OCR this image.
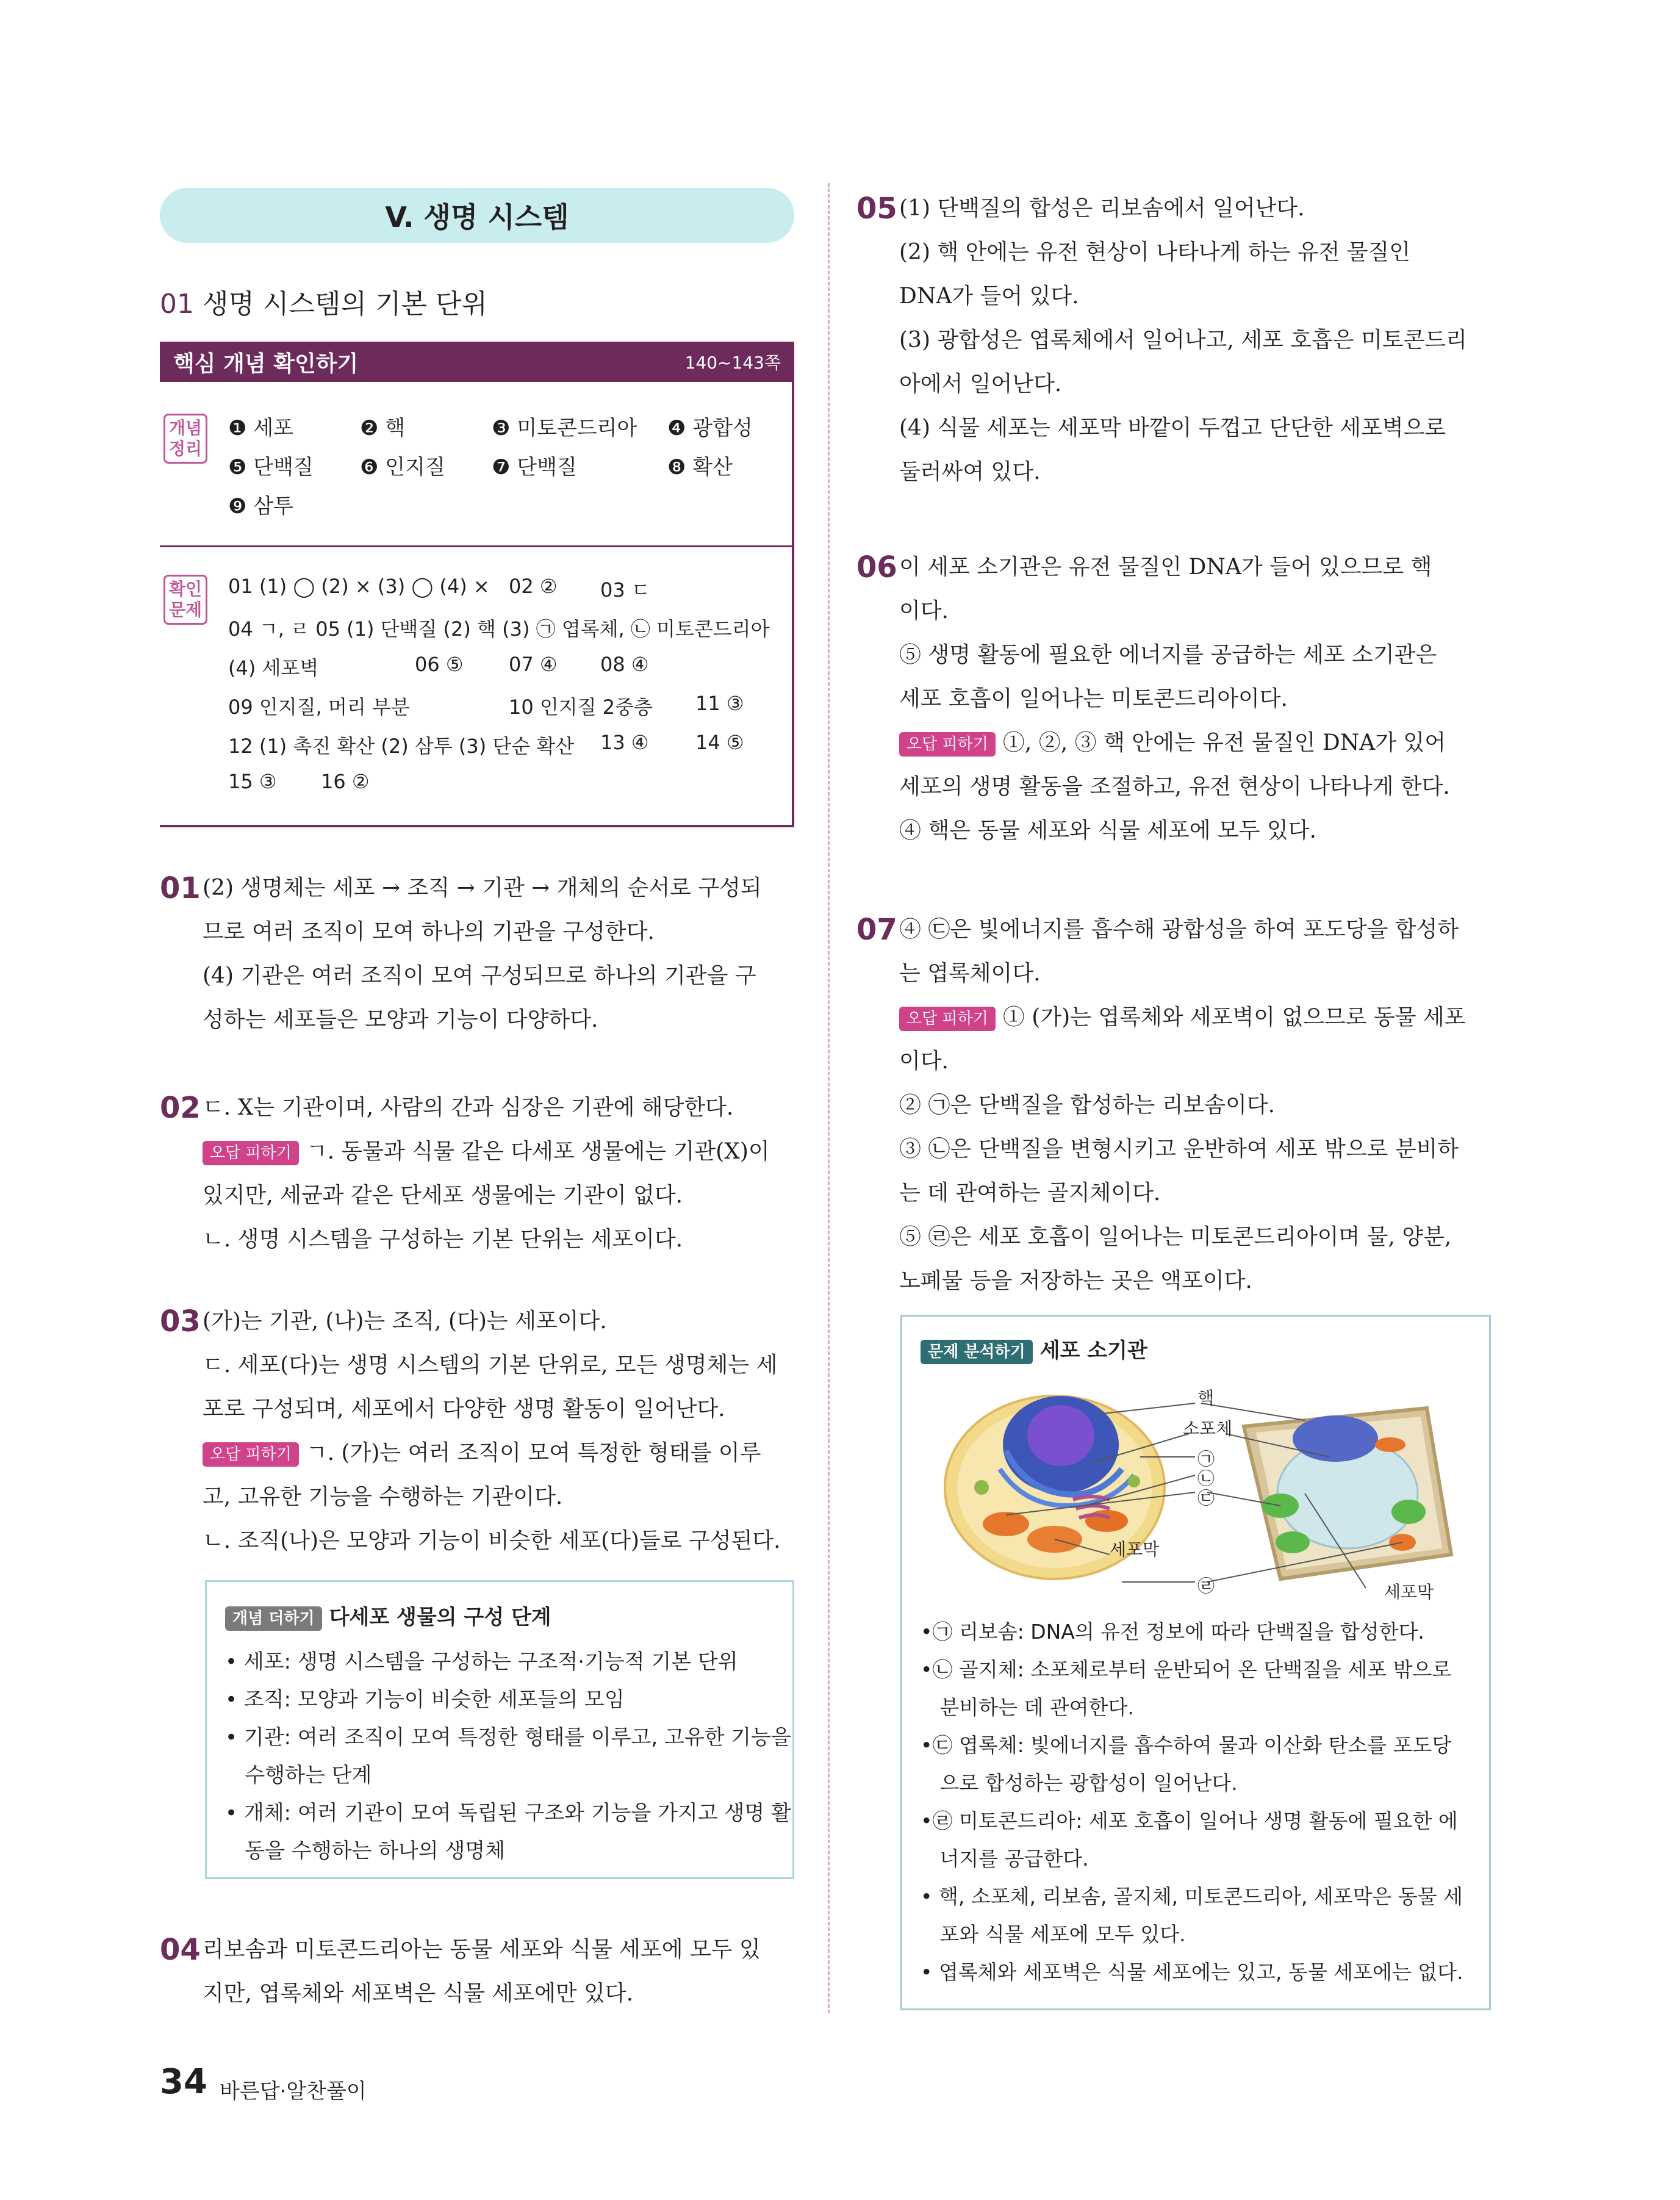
V. 생명 시스템
01 생명 시스템의 기본 단위
핵심 개념 확인하기	140~143쪽
개념
정리
❶ 세포	❷ 핵	❸ 미토콘드리아 ❹ 광합성
❺ 단백질 ❻ 인지질 ❼ 단백질	❽ 확산
❾ 삼투
확인
문제
01 (1) ◯ (2) × (3) ◯ (4) × 02 ② 03 ㄷ
04 ㄱ, ㄹ 05 (1) 단백질 (2) 핵 (3) ㉠ 엽록체, ㉡ 미토콘드리아
(4) 세포벽	06 ⑤ 07 ④ 08 ④
09 인지질, 머리 부분	10 인지질 2중층 11 ③
12 (1) 촉진 확산 (2) 삼투 (3) 단순 확산 13 ④ 14 ⑤
15 ③ 16 ②
01 (2) 생명체는 세포 → 조직 → 기관 → 개체의 순서로 구성되

므로 여러 조직이 모여 하나의 기관을 구성한다.

(4) 기관은 여러 조직이 모여 구성되므로 하나의 기관을 구

성하는 세포들은 모양과 기능이 다양하다.

02 ㄷ. X는 기관이며, 사람의 간과 심장은 기관에 해당한다.

오답 피하기 ㄱ. 동물과 식물 같은 다세포 생물에는 기관(X)이

있지만, 세균과 같은 단세포 생물에는 기관이 없다.

ㄴ. 생명 시스템을 구성하는 기본 단위는 세포이다.

03 (가)는 기관, (나)는 조직, (다)는 세포이다.

ㄷ. 세포(다)는 생명 시스템의 기본 단위로, 모든 생명체는 세

포로 구성되며, 세포에서 다양한 생명 활동이 일어난다.

오답 피하기 ㄱ. (가)는 여러 조직이 모여 특정한 형태를 이루

고, 고유한 기능을 수행하는 기관이다.

ㄴ. 조직(나)은 모양과 기능이 비슷한 세포(다)들로 구성된다.

개념 더하기 다세포 생물의 구성 단계
• 세포: 생명 시스템을 구성하는 구조적·기능적 기본 단위
• 조직: 모양과 기능이 비슷한 세포들의 모임
• 기관: 여러 조직이 모여 특정한 형태를 이루고, 고유한 기능을
수행하는 단계
• 개체: 여러 기관이 모여 독립된 구조와 기능을 가지고 생명 활
동을 수행하는 하나의 생명체
04 리보솜과 미토콘드리아는 동물 세포와 식물 세포에 모두 있

지만, 엽록체와 세포벽은 식물 세포에만 있다.

05 (1) 단백질의 합성은 리보솜에서 일어난다.

(2) 핵 안에는 유전 현상이 나타나게 하는 유전 물질인

DNA가 들어 있다.

(3) 광합성은 엽록체에서 일어나고, 세포 호흡은 미토콘드리

아에서 일어난다.

(4) 식물 세포는 세포막 바깥이 두껍고 단단한 세포벽으로

둘러싸여 있다.

06 이 세포 소기관은 유전 물질인 DNA가 들어 있으므로 핵

이다.

⑤ 생명 활동에 필요한 에너지를 공급하는 세포 소기관은

세포 호흡이 일어나는 미토콘드리아이다.

오답 피하기 ①, ②, ③ 핵 안에는 유전 물질인 DNA가 있어

세포의 생명 활동을 조절하고, 유전 현상이 나타나게 한다.

④ 핵은 동물 세포와 식물 세포에 모두 있다.

07 ④ ㉢은 빛에너지를 흡수해 광합성을 하여 포도당을 합성하

는 엽록체이다.

오답 피하기 ① (가)는 엽록체와 세포벽이 없으므로 동물 세포

이다.

② ㉠은 단백질을 합성하는 리보솜이다.

③ ㉡은 단백질을 변형시키고 운반하여 세포 밖으로 분비하

는 데 관여하는 골지체이다.

⑤ ㉣은 세포 호흡이 일어나는 미토콘드리아이며 물, 양분,

노폐물 등을 저장하는 곳은 액포이다.

문제 분석하기 세포 소기관
핵
소포체
㉠
㉡
㉢
세포막
㉣	세포막
•㉠ 리보솜: DNA의 유전 정보에 따라 단백질을 합성한다.
•㉡ 골지체: 소포체로부터 운반되어 온 단백질을 세포 밖으로
분비하는 데 관여한다.
•㉢ 엽록체: 빛에너지를 흡수하여 물과 이산화 탄소를 포도당
으로 합성하는 광합성이 일어난다.
•㉣ 미토콘드리아: 세포 호흡이 일어나 생명 활동에 필요한 에
너지를 공급한다.
• 핵, 소포체, 리보솜, 골지체, 미토콘드리아, 세포막은 동물 세
포와 식물 세포에 모두 있다.
• 엽록체와 세포벽은 식물 세포에는 있고, 동물 세포에는 없다.
34 바른답·알찬풀이
